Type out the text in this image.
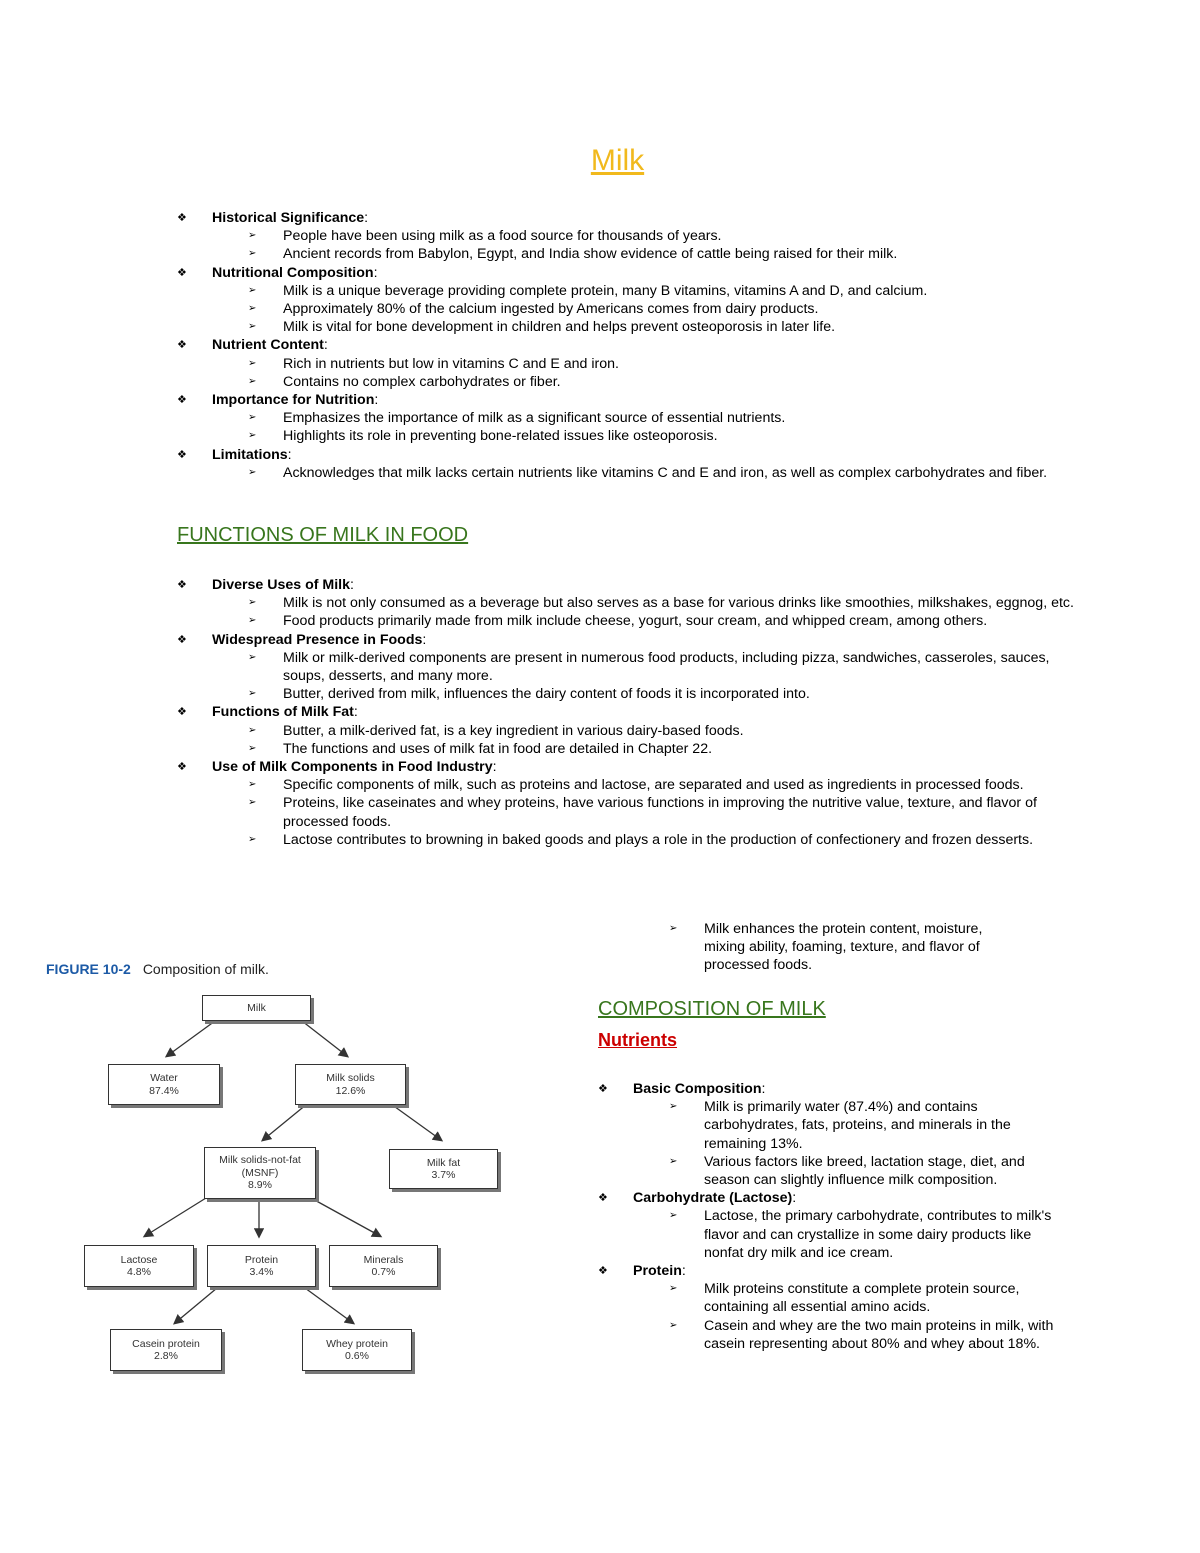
Milk
❖ Historical Significance:
➢ People have been using milk as a food source for thousands of years.
➢ Ancient records from Babylon, Egypt, and India show evidence of cattle being raised for their milk.
❖ Nutritional Composition:
➢ Milk is a unique beverage providing complete protein, many B vitamins, vitamins A and D, and calcium.
➢ Approximately 80% of the calcium ingested by Americans comes from dairy products.
➢ Milk is vital for bone development in children and helps prevent osteoporosis in later life.
❖ Nutrient Content:
➢ Rich in nutrients but low in vitamins C and E and iron.
➢ Contains no complex carbohydrates or fiber.
❖ Importance for Nutrition:
➢ Emphasizes the importance of milk as a significant source of essential nutrients.
➢ Highlights its role in preventing bone-related issues like osteoporosis.
❖ Limitations:
➢ Acknowledges that milk lacks certain nutrients like vitamins C and E and iron, as well as complex carbohydrates and fiber.
FUNCTIONS OF MILK IN FOOD
❖ Diverse Uses of Milk:
➢ Milk is not only consumed as a beverage but also serves as a base for various drinks like smoothies, milkshakes, eggnog, etc.
➢ Food products primarily made from milk include cheese, yogurt, sour cream, and whipped cream, among others.
❖ Widespread Presence in Foods:
➢ Milk or milk-derived components are present in numerous food products, including pizza, sandwiches, casseroles, sauces, soups, desserts, and many more.
➢ Butter, derived from milk, influences the dairy content of foods it is incorporated into.
❖ Functions of Milk Fat:
➢ Butter, a milk-derived fat, is a key ingredient in various dairy-based foods.
➢ The functions and uses of milk fat in food are detailed in Chapter 22.
❖ Use of Milk Components in Food Industry:
➢ Specific components of milk, such as proteins and lactose, are separated and used as ingredients in processed foods.
➢ Proteins, like caseinates and whey proteins, have various functions in improving the nutritive value, texture, and flavor of processed foods.
➢ Lactose contributes to browning in baked goods and plays a role in the production of confectionery and frozen desserts.
➢ Milk enhances the protein content, moisture, mixing ability, foaming, texture, and flavor of processed foods.
COMPOSITION OF MILK
Nutrients
❖ Basic Composition:
➢ Milk is primarily water (87.4%) and contains carbohydrates, fats, proteins, and minerals in the remaining 13%.
➢ Various factors like breed, lactation stage, diet, and season can slightly influence milk composition.
❖ Carbohydrate (Lactose):
➢ Lactose, the primary carbohydrate, contributes to milk's flavor and can crystallize in some dairy products like nonfat dry milk and ice cream.
❖ Protein:
➢ Milk proteins constitute a complete protein source, containing all essential amino acids.
➢ Casein and whey are the two main proteins in milk, with casein representing about 80% and whey about 18%.
FIGURE 10-2 Composition of milk.
Milk
Water
87.4%
Milk solids
12.6%
Milk solids-not-fat
(MSNF)
8.9%
Milk fat
3.7%
Lactose
4.8%
Protein
3.4%
Minerals
0.7%
Casein protein
2.8%
Whey protein
0.6%
